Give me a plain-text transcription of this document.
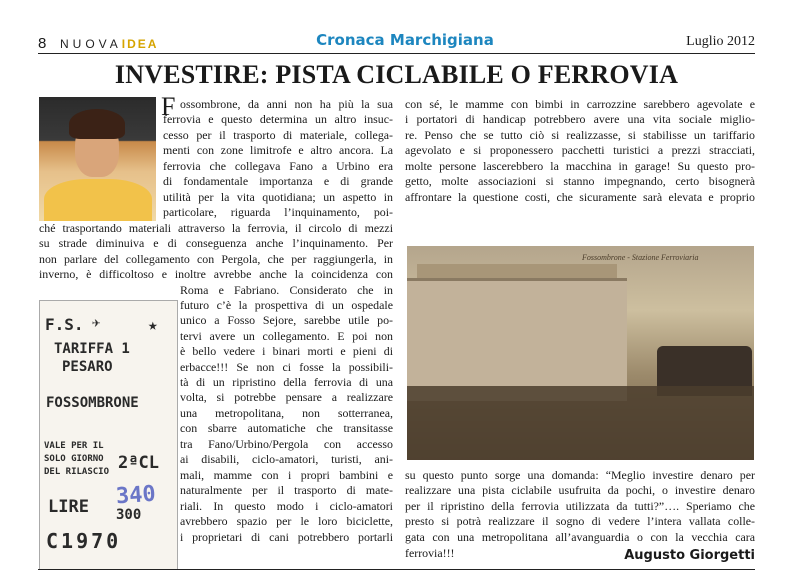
8 NUOVAIDEA	Cronaca Marchigiana	Luglio 2012
INVESTIRE: PISTA CICLABILE O FERROVIA
F ossombrone, da anni non ha più la sua
ferrovia e questo determina un altro insuc-
cesso per il trasporto di materiale, collega-
menti con zone limitrofe e altro ancora. La
ferrovia che collegava Fano a Urbino era
di fondamentale importanza e di grande
utilità per la vita quotidiana; un aspetto in
particolare, riguarda l’inquinamento, poi-
ché trasportando materiali attraverso la ferrovia, il circolo di mezzi
su strade diminuiva e di conseguenza anche l’inquinamento. Per
non parlare del collegamento con Pergola, che per raggiungerla, in
inverno, è difficoltoso e inoltre avrebbe anche la coincidenza con
F.S. ✈	★
TARIFFA 1
PESARO
FOSSOMBRONE
VALE PER IL
SOLO GIORNO
DEL RILASCIO 2ªCL
LIRE 340
300
C1970
Roma e Fabriano. Considerato che in
futuro c’è la prospettiva di un ospedale
unico a Fosso Sejore, sarebbe utile po-
tervi avere un collegamento. E poi non
è bello vedere i binari morti e pieni di
erbacce!!! Se non ci fosse la possibili-
tà di un ripristino della ferrovia di una
volta, si potrebbe pensare a realizzare
una metropolitana, non sotterranea,
con sbarre automatiche che transitasse
tra Fano/Urbino/Pergola con accesso
ai disabili, ciclo-amatori, turisti, ani-
mali, mamme con i propri bambini e
naturalmente per il trasporto di mate-
riali. In questo modo i ciclo-amatori
avrebbero spazio per le loro biciclette,
i proprietari di cani potrebbero portarli
con sé, le mamme con bimbi in carrozzine sarebbero agevolate e
i portatori di handicap potrebbero avere una vita sociale miglio-
re. Penso che se tutto ciò si realizzasse, si stabilisse un tariffario
agevolato e si proponessero pacchetti turistici a prezzi stracciati,
molte persone lascerebbero la macchina in garage! Su questo pro-
getto, molte associazioni si stanno impegnando, certo bisognerà
affrontare la questione costi, che sicuramente sarà elevata e proprio
Fossombrone - Stazione Ferroviaria
su questo punto sorge una domanda: “Meglio investire denaro per
realizzare una pista ciclabile usufruita da pochi, o investire denaro
per il ripristino della ferrovia utilizzata da tutti?”…. Speriamo che
presto si potrà realizzare il sogno di vedere l’intera vallata colle-
gata con una metropolitana all’avanguardia o con la vecchia cara
ferrovia!!!	Augusto Giorgetti
